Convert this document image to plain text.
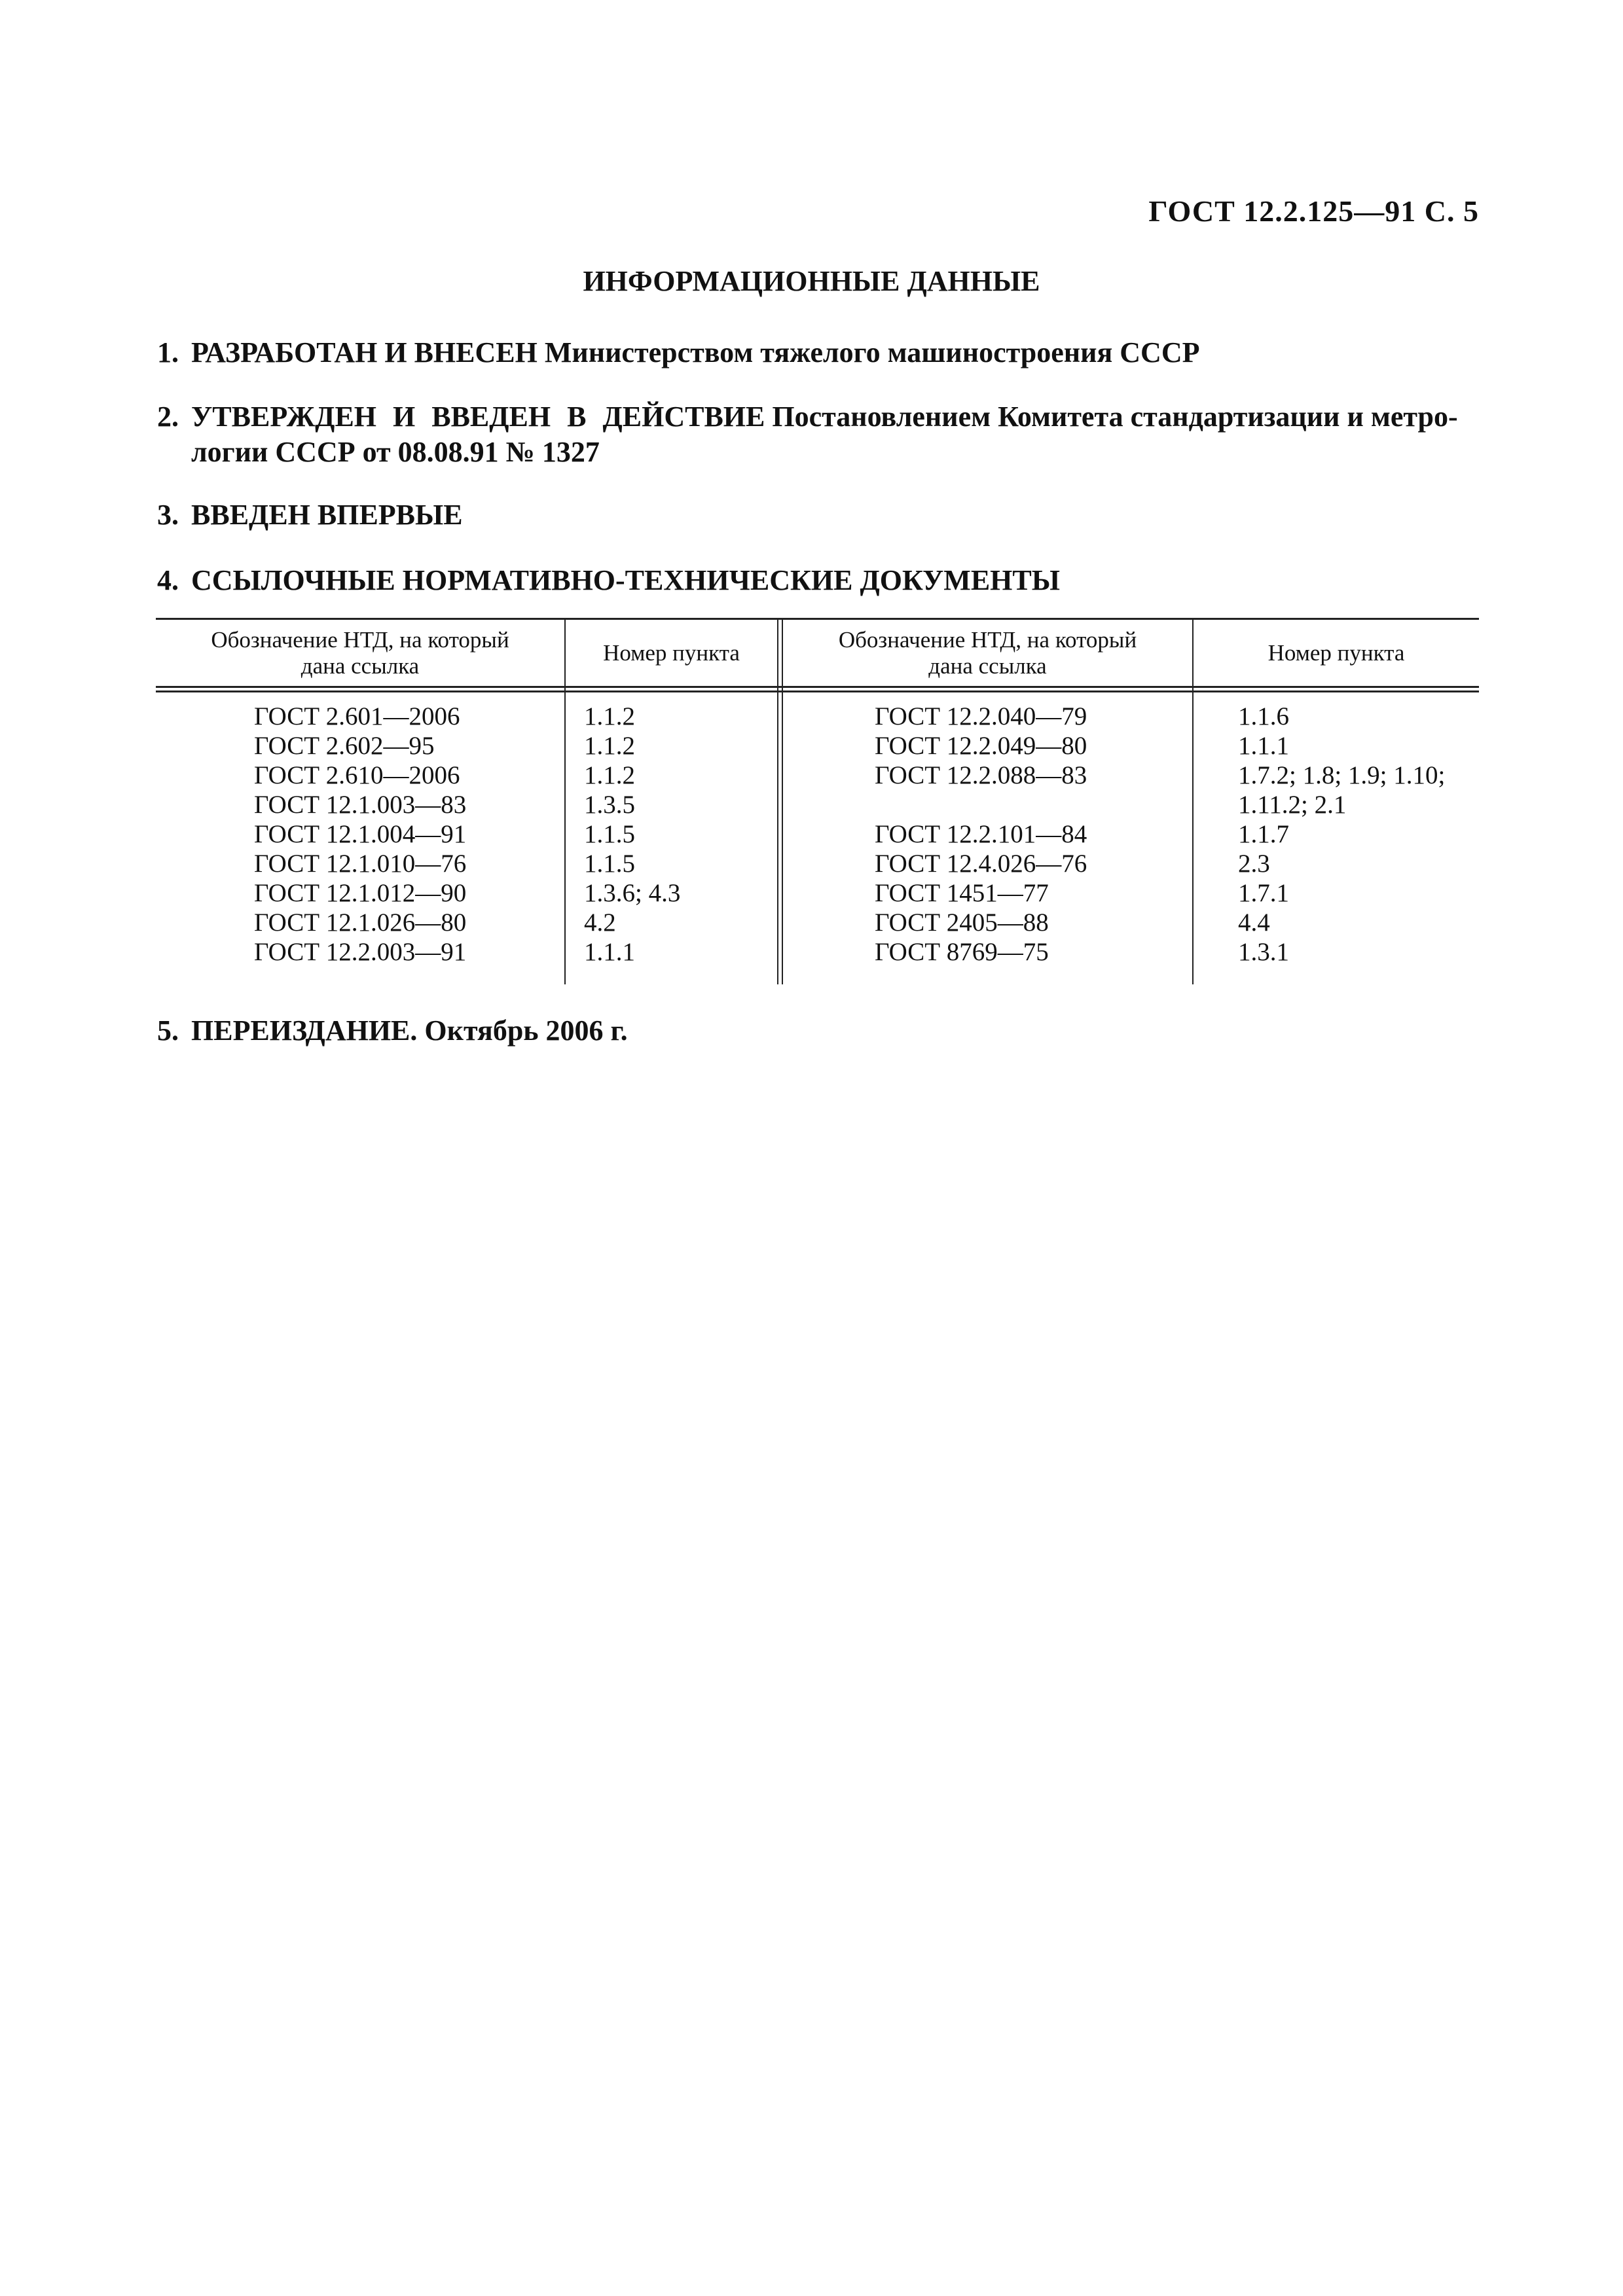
ГОСТ 12.2.125—91 С. 5
ИНФОРМАЦИОННЫЕ ДАННЫЕ
1. РАЗРАБОТАН И ВНЕСЕН Министерством тяжелого машиностроения СССР
2. УТВЕРЖДЕН И ВВЕДЕН В ДЕЙСТВИЕ Постановлением Комитета стандартизации и метро-
логии СССР от 08.08.91 № 1327
3. ВВЕДЕН ВПЕРВЫЕ
4. ССЫЛОЧНЫЕ НОРМАТИВНО-ТЕХНИЧЕСКИЕ ДОКУМЕНТЫ
Обозначение НТД, на который
дана ссылка
Номер пункта
Обозначение НТД, на который
дана ссылка
Номер пункта
ГОСТ 2.601—2006
ГОСТ 2.602—95
ГОСТ 2.610—2006
ГОСТ 12.1.003—83
ГОСТ 12.1.004—91
ГОСТ 12.1.010—76
ГОСТ 12.1.012—90
ГОСТ 12.1.026—80
ГОСТ 12.2.003—91
1.1.2
1.1.2
1.1.2
1.3.5
1.1.5
1.1.5
1.3.6; 4.3
4.2
1.1.1
ГОСТ 12.2.040—79
ГОСТ 12.2.049—80
ГОСТ 12.2.088—83
ГОСТ 12.2.101—84
ГОСТ 12.4.026—76
ГОСТ 1451—77
ГОСТ 2405—88
ГОСТ 8769—75
1.1.6
1.1.1
1.7.2; 1.8; 1.9; 1.10;
1.11.2; 2.1
1.1.7
2.3
1.7.1
4.4
1.3.1
5. ПЕРЕИЗДАНИЕ. Октябрь 2006 г.
